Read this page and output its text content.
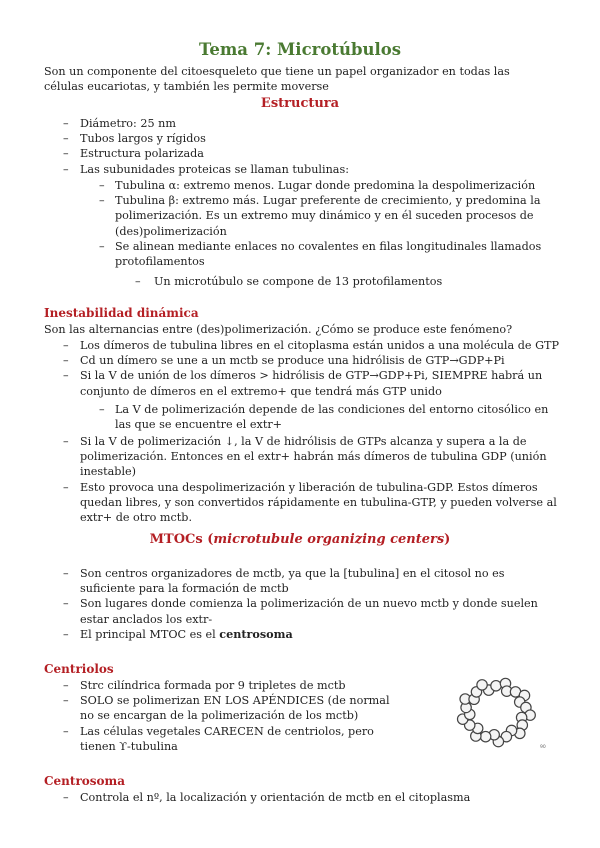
Tema 7: Microtúbulos

Son un componente del citoesqueleto que tiene un papel organizador en todas las células eucariotas, y también les permite moverse

Estructura
– Diámetro: 25 nm
– Tubos largos y rígidos
– Estructura polarizada
– Las subunidades proteicas se llaman tubulinas:
– Tubulina α: extremo menos. Lugar donde predomina la despolimerización
– Tubulina β: extremo más. Lugar preferente de crecimiento, y predomina la polimerización. Es un extremo muy dinámico y en él suceden procesos de (des)polimerización
– Se alinean mediante enlaces no covalentes en filas longitudinales llamados protofilamentos
– Un microtúbulo se compone de 13 protofilamentos
Inestabilidad dinámica

Son las alternancias entre (des)polimerización. ¿Cómo se produce este fenómeno?

– Los dímeros de tubulina libres en el citoplasma están unidos a una molécula de GTP
– Cd un dímero se une a un mctb se produce una hidrólisis de GTP→GDP+Pi
– Si la V de unión de los dímeros > hidrólisis de GTP→GDP+Pi, SIEMPRE habrá un conjunto de dímeros en el extremo+ que tendrá más GTP unido
– La V de polimerización depende de las condiciones del entorno citosólico en las que se encuentre el extr+
– Si la V de polimerización ↓, la V de hidrólisis de GTPs alcanza y supera a la de polimerización. Entonces en el extr+ habrán más dímeros de tubulina GDP (unión inestable)
– Esto provoca una despolimerización y liberación de tubulina-GDP. Estos dímeros quedan libres, y son convertidos rápidamente en tubulina-GTP, y pueden volverse al extr+ de otro mctb.
MTOCs (microtubule organizing centers)
– Son centros organizadores de mctb, ya que la [tubulina] en el citosol no es suficiente para la formación de mctb
– Son lugares donde comienza la polimerización de un nuevo mctb y donde suelen estar anclados los extr-
– El principal MTOC es el centrosoma
Centriolos
– Strc cilíndrica formada por 9 tripletes de mctb
– SOLO se polimerizan EN LOS APÉNDICES (de normal no se encargan de la polimerización de los mctb)
– Las células vegetales CARECEN de centriolos, pero tienen ϒ-tubulina	90
Centrosoma
– Controla el nº, la localización y orientación de mctb en el citoplasma
